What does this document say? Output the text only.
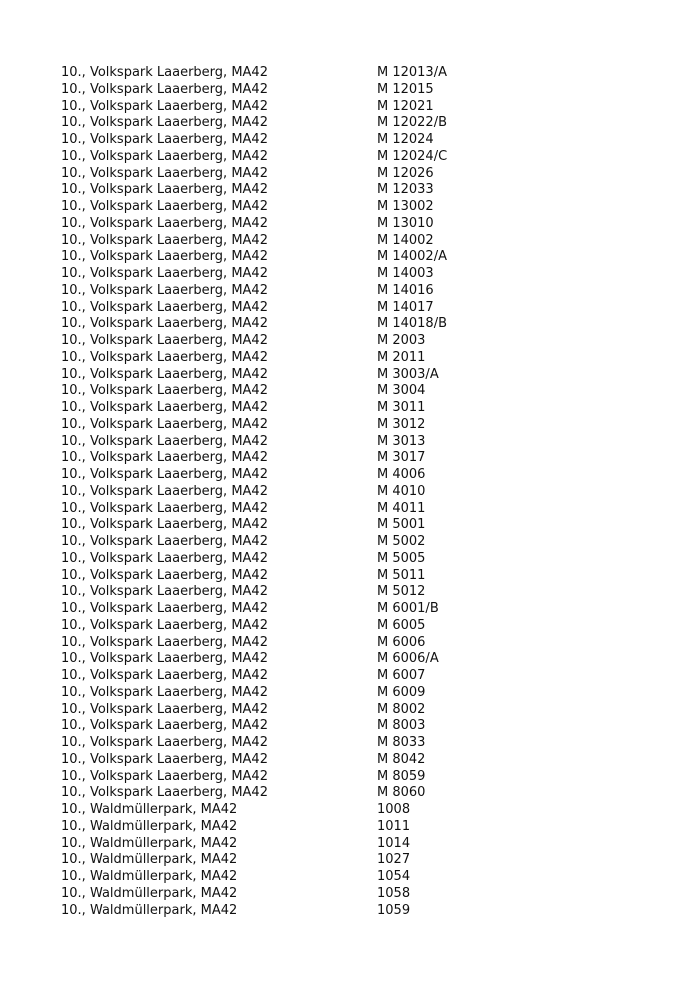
10., Volkspark Laaerberg, MA42	M 12013/A
10., Volkspark Laaerberg, MA42	M 12015
10., Volkspark Laaerberg, MA42	M 12021
10., Volkspark Laaerberg, MA42	M 12022/B
10., Volkspark Laaerberg, MA42	M 12024
10., Volkspark Laaerberg, MA42	M 12024/C
10., Volkspark Laaerberg, MA42	M 12026
10., Volkspark Laaerberg, MA42	M 12033
10., Volkspark Laaerberg, MA42	M 13002
10., Volkspark Laaerberg, MA42	M 13010
10., Volkspark Laaerberg, MA42	M 14002
10., Volkspark Laaerberg, MA42	M 14002/A
10., Volkspark Laaerberg, MA42	M 14003
10., Volkspark Laaerberg, MA42	M 14016
10., Volkspark Laaerberg, MA42	M 14017
10., Volkspark Laaerberg, MA42	M 14018/B
10., Volkspark Laaerberg, MA42	M 2003
10., Volkspark Laaerberg, MA42	M 2011
10., Volkspark Laaerberg, MA42	M 3003/A
10., Volkspark Laaerberg, MA42	M 3004
10., Volkspark Laaerberg, MA42	M 3011
10., Volkspark Laaerberg, MA42	M 3012
10., Volkspark Laaerberg, MA42	M 3013
10., Volkspark Laaerberg, MA42	M 3017
10., Volkspark Laaerberg, MA42	M 4006
10., Volkspark Laaerberg, MA42	M 4010
10., Volkspark Laaerberg, MA42	M 4011
10., Volkspark Laaerberg, MA42	M 5001
10., Volkspark Laaerberg, MA42	M 5002
10., Volkspark Laaerberg, MA42	M 5005
10., Volkspark Laaerberg, MA42	M 5011
10., Volkspark Laaerberg, MA42	M 5012
10., Volkspark Laaerberg, MA42	M 6001/B
10., Volkspark Laaerberg, MA42	M 6005
10., Volkspark Laaerberg, MA42	M 6006
10., Volkspark Laaerberg, MA42	M 6006/A
10., Volkspark Laaerberg, MA42	M 6007
10., Volkspark Laaerberg, MA42	M 6009
10., Volkspark Laaerberg, MA42	M 8002
10., Volkspark Laaerberg, MA42	M 8003
10., Volkspark Laaerberg, MA42	M 8033
10., Volkspark Laaerberg, MA42	M 8042
10., Volkspark Laaerberg, MA42	M 8059
10., Volkspark Laaerberg, MA42	M 8060
10., Waldmüllerpark, MA42	1008
10., Waldmüllerpark, MA42	1011
10., Waldmüllerpark, MA42	1014
10., Waldmüllerpark, MA42	1027
10., Waldmüllerpark, MA42	1054
10., Waldmüllerpark, MA42	1058
10., Waldmüllerpark, MA42	1059
